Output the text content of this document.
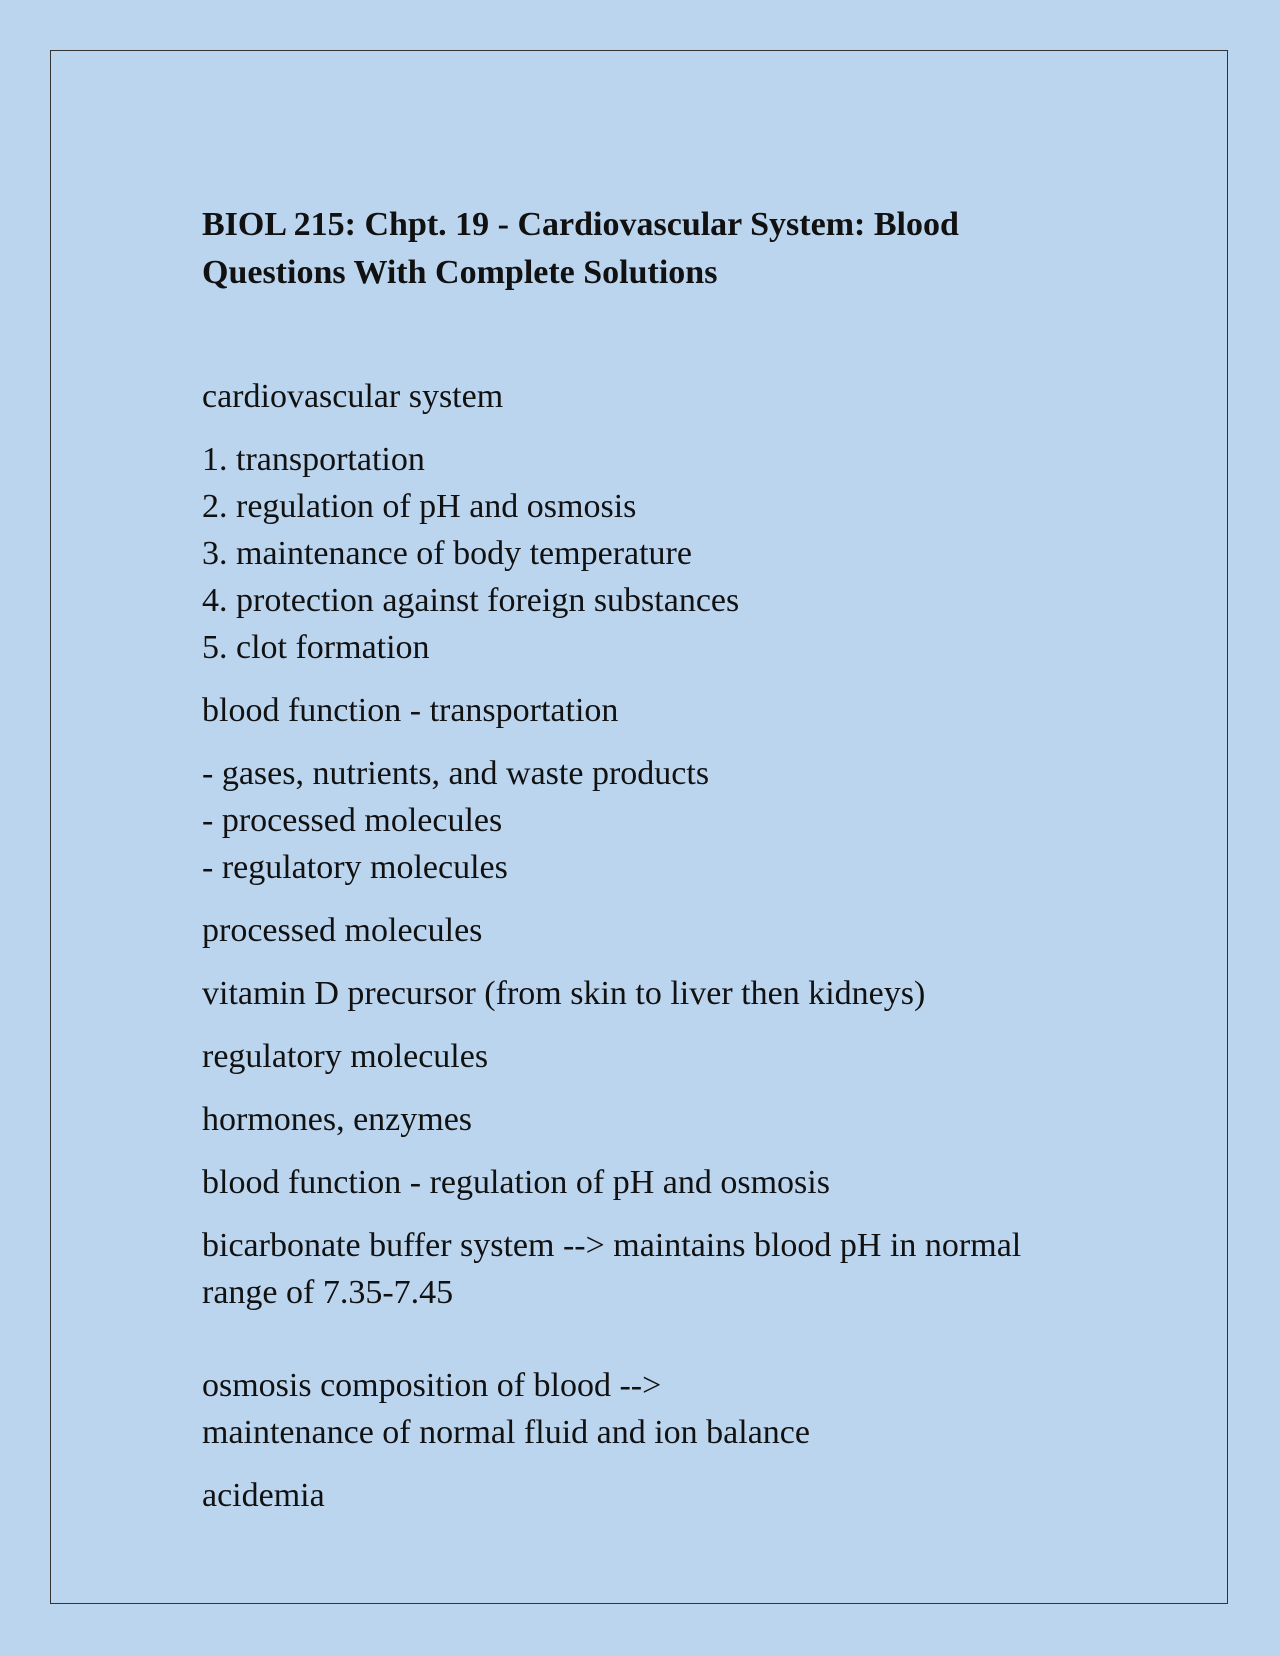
BIOL 215: Chpt. 19 - Cardiovascular System: Blood
Questions With Complete Solutions
cardiovascular system
1. transportation
2. regulation of pH and osmosis
3. maintenance of body temperature
4. protection against foreign substances
5. clot formation
blood function - transportation
- gases, nutrients, and waste products
- processed molecules
- regulatory molecules
processed molecules
vitamin D precursor (from skin to liver then kidneys)
regulatory molecules
hormones, enzymes
blood function - regulation of pH and osmosis
bicarbonate buffer system --> maintains blood pH in normal
range of 7.35-7.45
osmosis composition of blood -->
maintenance of normal fluid and ion balance
acidemia
